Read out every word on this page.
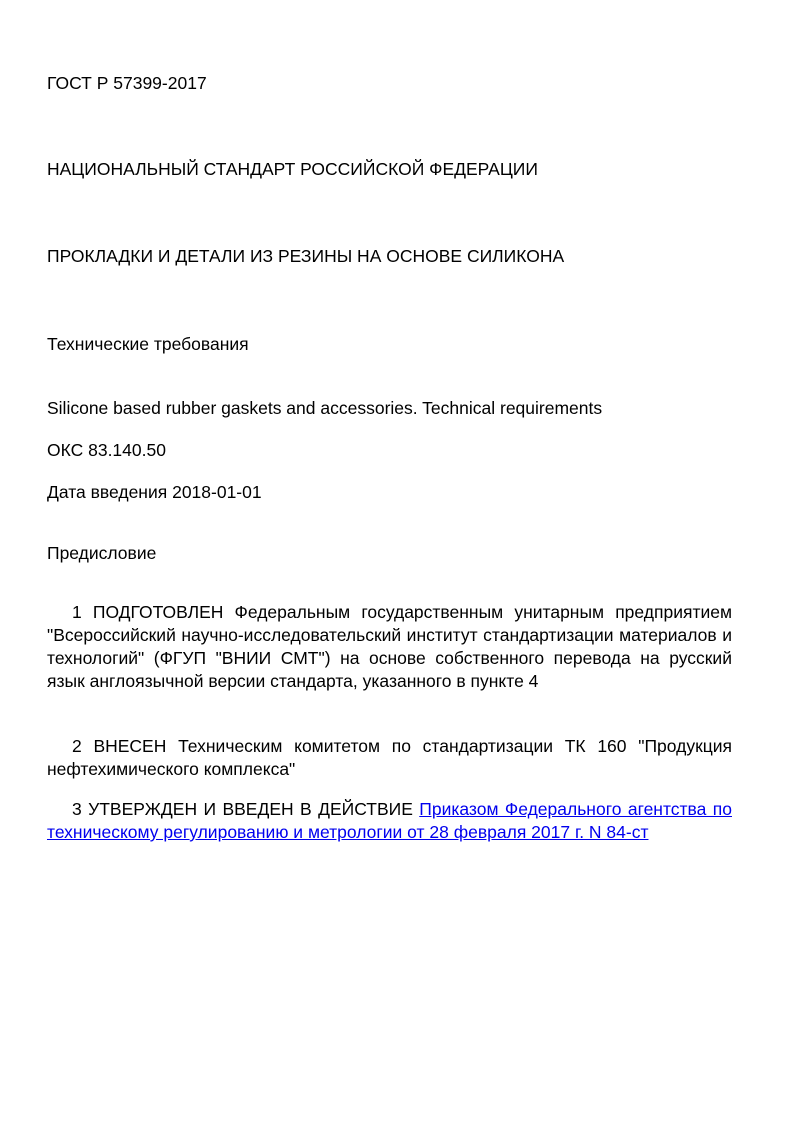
ГОСТ Р 57399-2017
НАЦИОНАЛЬНЫЙ СТАНДАРТ РОССИЙСКОЙ ФЕДЕРАЦИИ
ПРОКЛАДКИ И ДЕТАЛИ ИЗ РЕЗИНЫ НА ОСНОВЕ СИЛИКОНА
Технические требования
Silicone based rubber gaskets and accessories. Technical requirements
ОКС 83.140.50
Дата введения 2018-01-01
Предисловие
1 ПОДГОТОВЛЕН Федеральным государственным унитарным предприятием "Всероссийский научно-исследовательский институт стандартизации материалов и технологий" (ФГУП "ВНИИ СМТ") на основе собственного перевода на русский язык англоязычной версии стандарта, указанного в пункте 4
2 ВНЕСЕН Техническим комитетом по стандартизации ТК 160 "Продукция нефтехимического комплекса"
3 УТВЕРЖДЕН И ВВЕДЕН В ДЕЙСТВИЕ Приказом Федерального агентства по техническому регулированию и метрологии от 28 февраля 2017 г. N 84-ст
